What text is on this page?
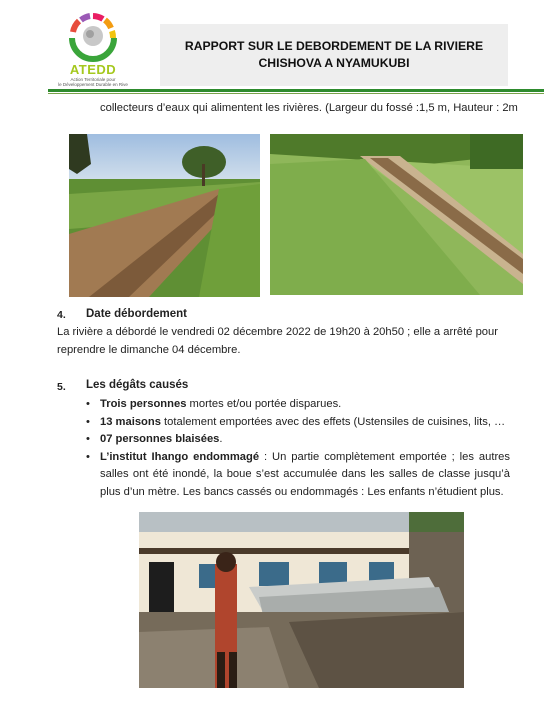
ATEDD
Action Territoriale pour
le Développement Durable en Rive
RAPPORT SUR LE DEBORDEMENT DE LA RIVIERE
CHISHOVA A NYAMUKUBI
collecteurs d’eaux qui alimentent les rivières. (Largeur du fossé :1,5 m, Hauteur : 2m
4. Date débordement
La rivière a débordé le vendredi 02 décembre 2022 de 19h20 à 20h50 ; elle a arrêté pour reprendre le dimanche 04 décembre.
5. Les dégâts causés
• Trois personnes mortes et/ou portée disparues.
• 13 maisons totalement emportées avec des effets (Ustensiles de cuisines, lits, …
• 07 personnes blaisées.
• L’institut Ihango endommagé : Un partie complètement emportée ; les autres salles ont été inondé, la boue s’est accumulée dans les salles de classe jusqu’à plus d’un mètre. Les bancs cassés ou endommagés : Les enfants n’étudient plus.
